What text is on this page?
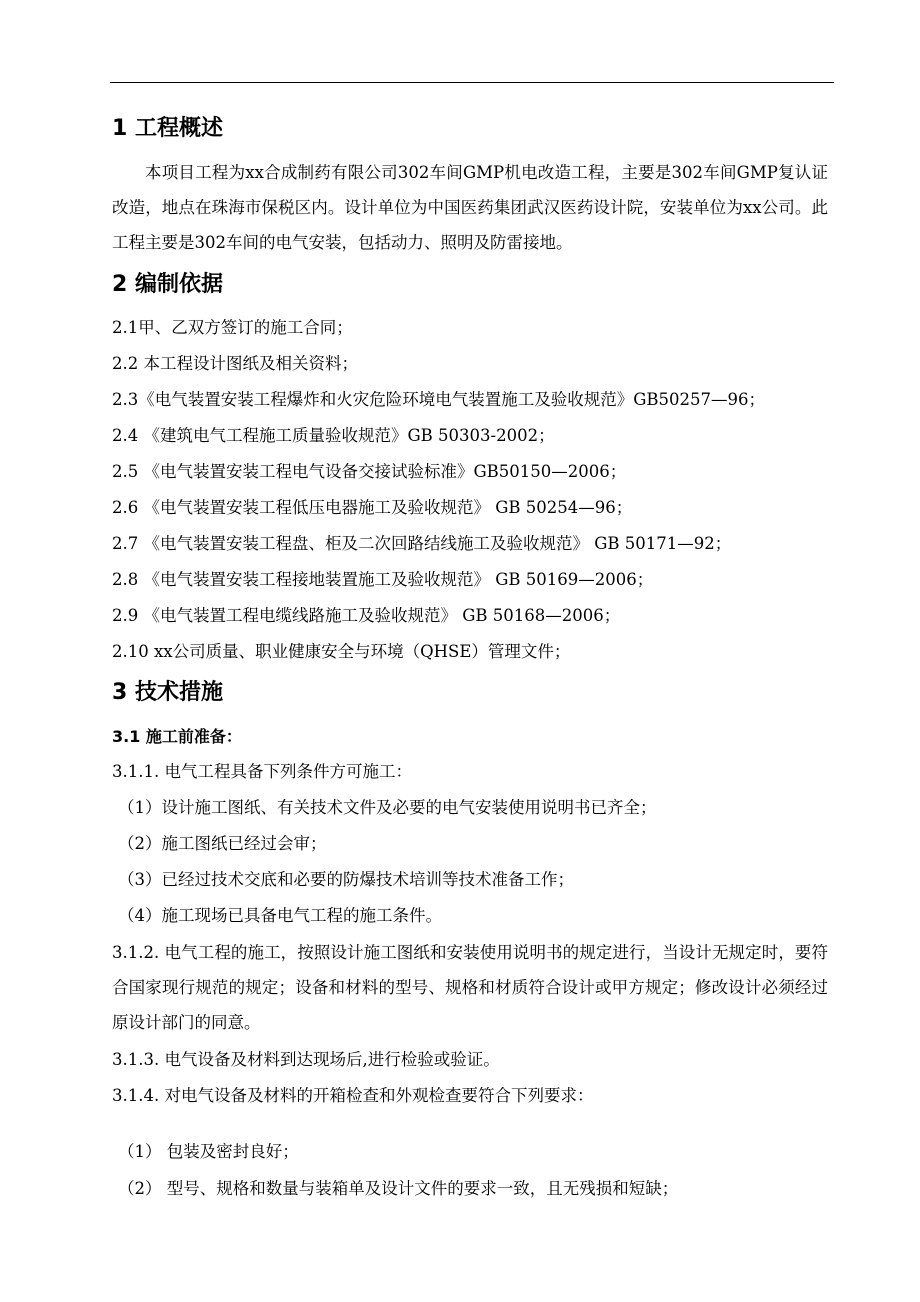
1 工程概述
本项目工程为xx合成制药有限公司302车间GMP机电改造工程，主要是302车间GMP复认证改造，地点在珠海市保税区内。设计单位为中国医药集团武汉医药设计院，安装单位为xx公司。此工程主要是302车间的电气安装，包括动力、照明及防雷接地。
2 编制依据
2.1甲、乙双方签订的施工合同；
2.2 本工程设计图纸及相关资料；
2.3《电气装置安装工程爆炸和火灾危险环境电气装置施工及验收规范》GB50257—96；
2.4 《建筑电气工程施工质量验收规范》GB 50303-2002；
2.5 《电气装置安装工程电气设备交接试验标准》GB50150—2006；
2.6 《电气装置安装工程低压电器施工及验收规范》 GB 50254—96；
2.7 《电气装置安装工程盘、柜及二次回路结线施工及验收规范》 GB 50171—92；
2.8 《电气装置安装工程接地装置施工及验收规范》 GB 50169—2006；
2.9 《电气装置工程电缆线路施工及验收规范》 GB 50168—2006；
2.10 xx公司质量、职业健康安全与环境（QHSE）管理文件；
3 技术措施
3.1 施工前准备：
3.1.1. 电气工程具备下列条件方可施工：
（1）设计施工图纸、有关技术文件及必要的电气安装使用说明书已齐全；
（2）施工图纸已经过会审；
（3）已经过技术交底和必要的防爆技术培训等技术准备工作；
（4）施工现场已具备电气工程的施工条件。
3.1.2. 电气工程的施工，按照设计施工图纸和安装使用说明书的规定进行，当设计无规定时，要符合国家现行规范的规定；设备和材料的型号、规格和材质符合设计或甲方规定；修改设计必须经过原设计部门的同意。
3.1.3. 电气设备及材料到达现场后,进行检验或验证。
3.1.4. 对电气设备及材料的开箱检查和外观检查要符合下列要求：
（1） 包装及密封良好；
（2） 型号、规格和数量与装箱单及设计文件的要求一致，且无残损和短缺；
